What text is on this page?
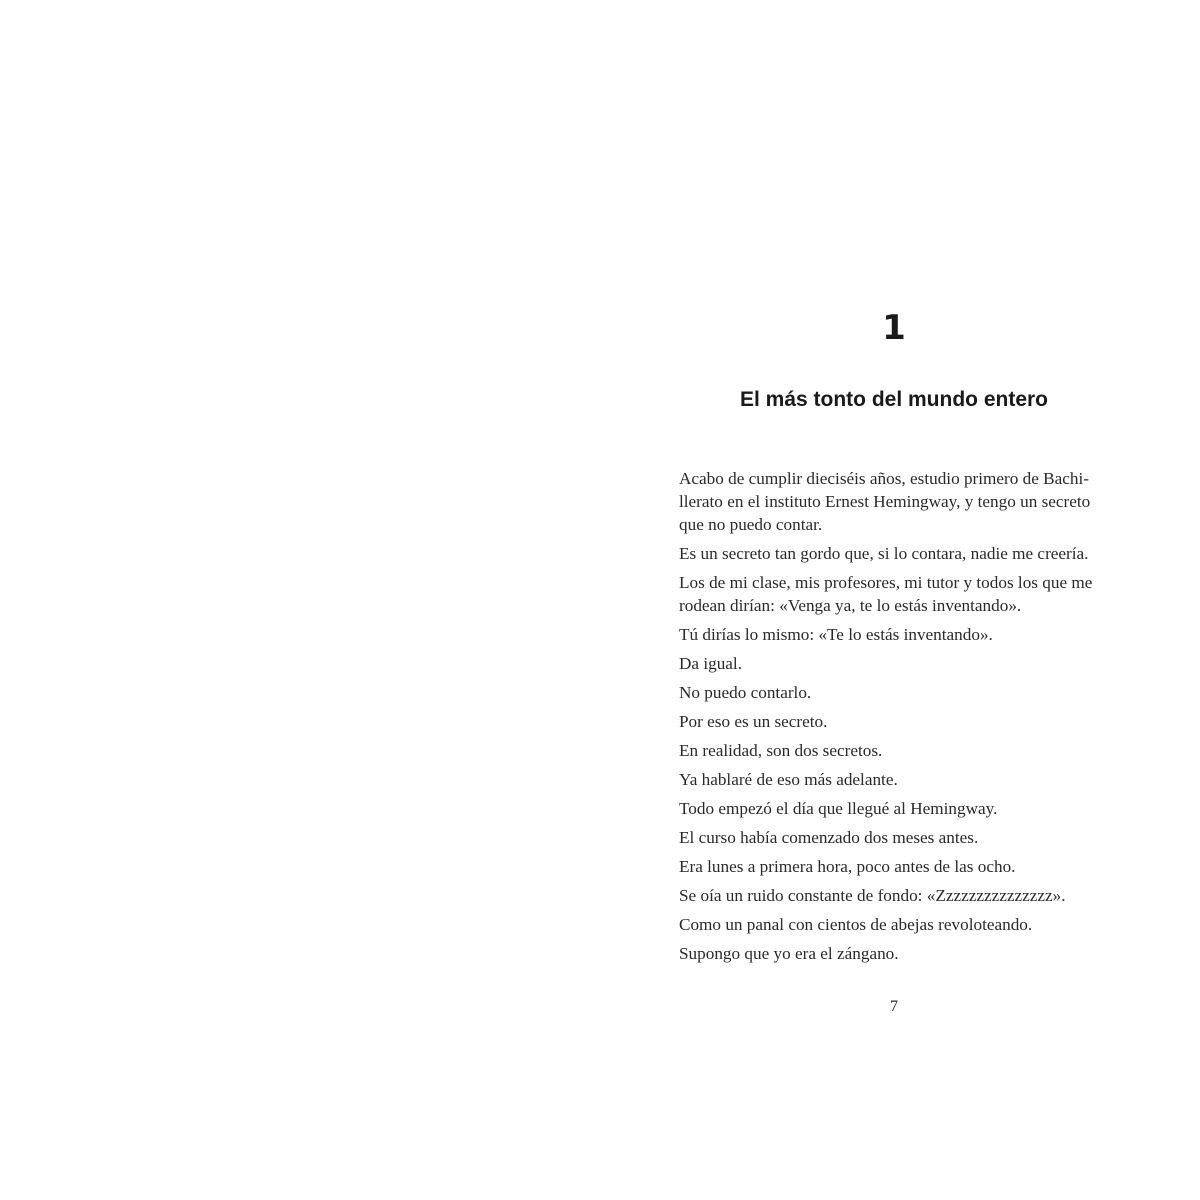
1
El más tonto del mundo entero

Acabo de cumplir dieciséis años, estudio primero de Bachi-llerato en el instituto Ernest Hemingway, y tengo un secreto que no puedo contar.

Es un secreto tan gordo que, si lo contara, nadie me creería.

Los de mi clase, mis profesores, mi tutor y todos los que me rodean dirían: «Venga ya, te lo estás inventando».

Tú dirías lo mismo: «Te lo estás inventando».

Da igual.

No puedo contarlo.

Por eso es un secreto.

En realidad, son dos secretos.

Ya hablaré de eso más adelante.

Todo empezó el día que llegué al Hemingway.

El curso había comenzado dos meses antes.

Era lunes a primera hora, poco antes de las ocho.

Se oía un ruido constante de fondo: «Zzzzzzzzzzzzzzz».

Como un panal con cientos de abejas revoloteando.

Supongo que yo era el zángano.

7
